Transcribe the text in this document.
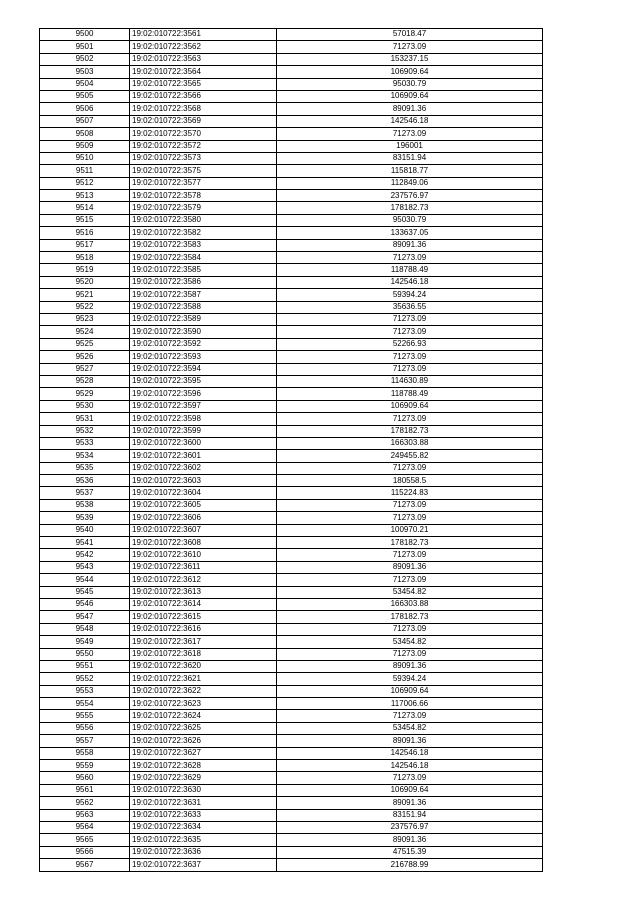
9500	19:02:010722:3561	57018.47
9501	19:02:010722:3562	71273.09
9502	19:02:010722:3563	153237.15
9503	19:02:010722:3564	106909.64
9504	19:02:010722:3565	95030.79
9505	19:02:010722:3566	106909.64
9506	19:02:010722:3568	89091.36
9507	19:02:010722:3569	142546.18
9508	19:02:010722:3570	71273.09
9509	19:02:010722:3572	196001
9510	19:02:010722:3573	83151.94
9511	19:02:010722:3575	115818.77
9512	19:02:010722:3577	112849.06
9513	19:02:010722:3578	237576.97
9514	19:02:010722:3579	178182.73
9515	19:02:010722:3580	95030.79
9516	19:02:010722:3582	133637.05
9517	19:02:010722:3583	89091.36
9518	19:02:010722:3584	71273.09
9519	19:02:010722:3585	118788.49
9520	19:02:010722:3586	142546.18
9521	19:02:010722:3587	59394.24
9522	19:02:010722:3588	35636.55
9523	19:02:010722:3589	71273.09
9524	19:02:010722:3590	71273.09
9525	19:02:010722:3592	52266.93
9526	19:02:010722:3593	71273.09
9527	19:02:010722:3594	71273.09
9528	19:02:010722:3595	114630.89
9529	19:02:010722:3596	118788.49
9530	19:02:010722:3597	106909.64
9531	19:02:010722:3598	71273.09
9532	19:02:010722:3599	178182.73
9533	19:02:010722:3600	166303.88
9534	19:02:010722:3601	249455.82
9535	19:02:010722:3602	71273.09
9536	19:02:010722:3603	180558.5
9537	19:02:010722:3604	115224.83
9538	19:02:010722:3605	71273.09
9539	19:02:010722:3606	71273.09
9540	19:02:010722:3607	100970.21
9541	19:02:010722:3608	178182.73
9542	19:02:010722:3610	71273.09
9543	19:02:010722:3611	89091.36
9544	19:02:010722:3612	71273.09
9545	19:02:010722:3613	53454.82
9546	19:02:010722:3614	166303.88
9547	19:02:010722:3615	178182.73
9548	19:02:010722:3616	71273.09
9549	19:02:010722:3617	53454.82
9550	19:02:010722:3618	71273.09
9551	19:02:010722:3620	89091.36
9552	19:02:010722:3621	59394.24
9553	19:02:010722:3622	106909.64
9554	19:02:010722:3623	117006.66
9555	19:02:010722:3624	71273.09
9556	19:02:010722:3625	53454.82
9557	19:02:010722:3626	89091.36
9558	19:02:010722:3627	142546.18
9559	19:02:010722:3628	142546.18
9560	19:02:010722:3629	71273.09
9561	19:02:010722:3630	106909.64
9562	19:02:010722:3631	89091.36
9563	19:02:010722:3633	83151.94
9564	19:02:010722:3634	237576.97
9565	19:02:010722:3635	89091.36
9566	19:02:010722:3636	47515.39
9567	19:02:010722:3637	216788.99
